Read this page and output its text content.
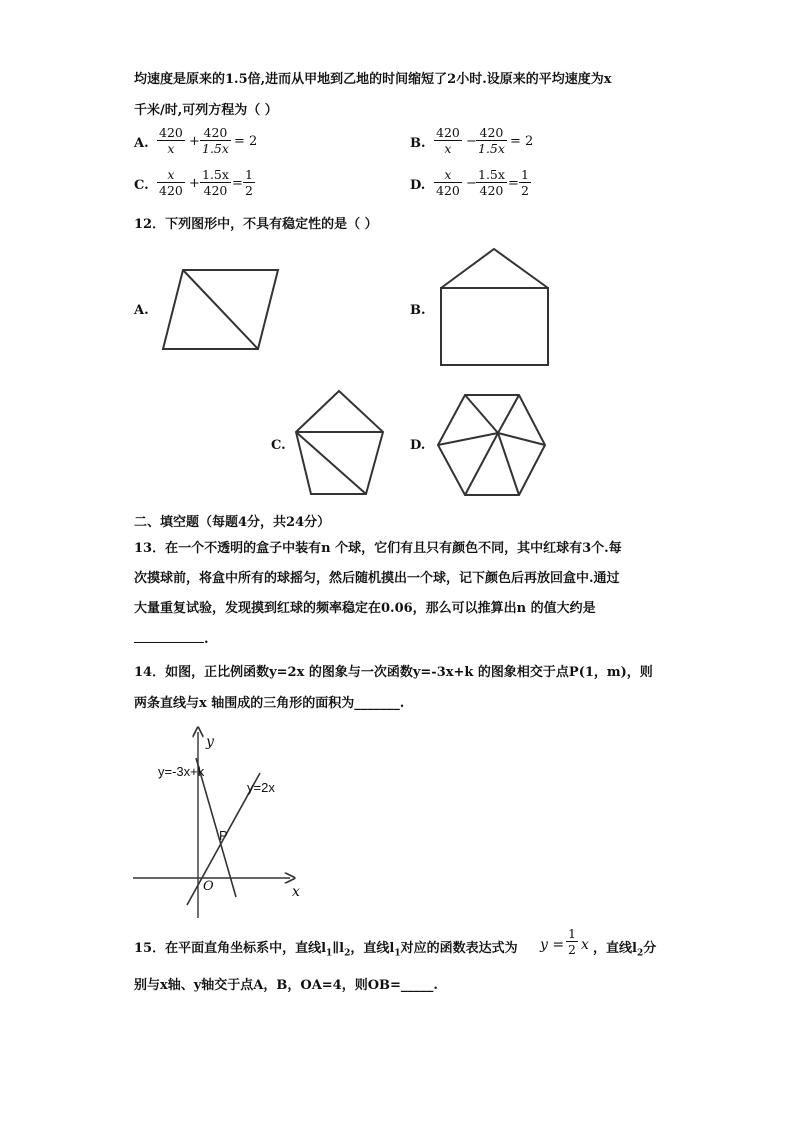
均速度是原来的1.5倍,进而从甲地到乙地的时间缩短了2小时.设原来的平均速度为x
千米/时,可列方程为（ ）
A. $\frac{420}{x} + \frac{420}{1.5x} = 2$	B. $\frac{420}{x} - \frac{420}{1.5x} = 2$
C. $\frac{x}{420} + \frac{1.5x}{420} = \frac{1}{2}$	D. $\frac{x}{420} - \frac{1.5x}{420} = \frac{1}{2}$
12．下列图形中，不具有稳定性的是（ ）
A.	B.
C.	D.
二、填空题（每题4分，共24分）
13．在一个不透明的盒子中装有n 个球，它们有且只有颜色不同，其中红球有3个.每
次摸球前，将盒中所有的球摇匀，然后随机摸出一个球，记下颜色后再放回盒中.通过
大量重复试验，发现摸到红球的频率稳定在0.06，那么可以推算出n 的值大约是
.
14．如图，正比例函数y=2x 的图象与一次函数y=-3x+k 的图象相交于点P(1，m)，则
两条直线与x 轴围成的三角形的面积为_______.
y
x
O
y=-3x+k
y=2x
P
15．在平面直角坐标系中，直线$l_1\parallel l_2$，直线$l_1$对应的函数表达式为 $y = \frac{1}{2}$ x ，直线$l_2$分
别与x轴、y轴交于点A，B，OA=4，则OB=_____.
